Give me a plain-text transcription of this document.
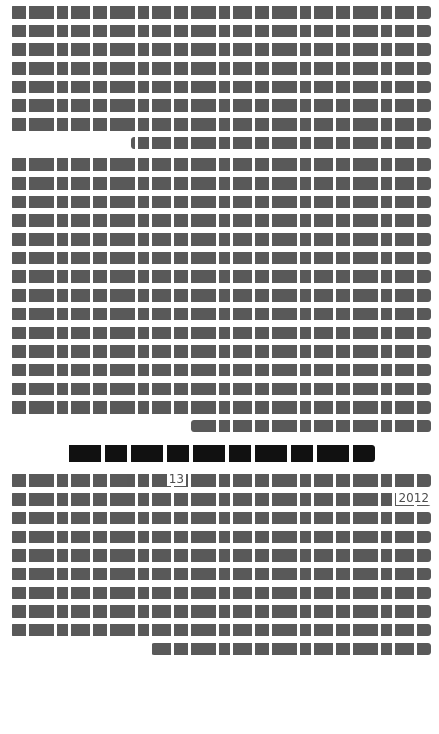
13
2012
